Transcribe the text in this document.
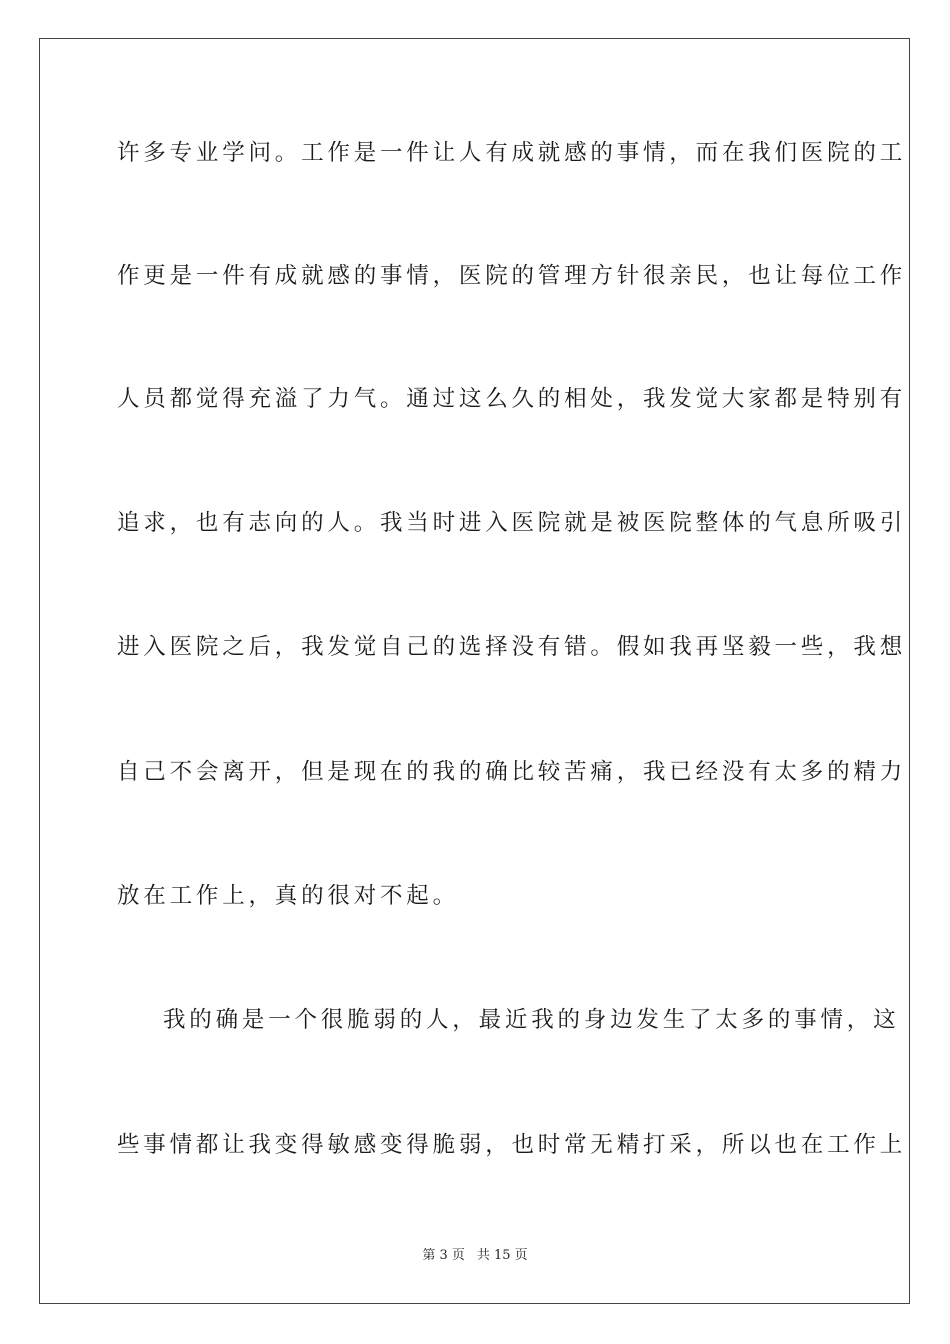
许多专业学问。工作是一件让人有成就感的事情，而在我们医院的工
作更是一件有成就感的事情，医院的管理方针很亲民，也让每位工作
人员都觉得充溢了力气。通过这么久的相处，我发觉大家都是特别有
追求，也有志向的人。我当时进入医院就是被医院整体的气息所吸引
进入医院之后，我发觉自己的选择没有错。假如我再坚毅一些，我想
自己不会离开，但是现在的我的确比较苦痛，我已经没有太多的精力
放在工作上，真的很对不起。
我的确是一个很脆弱的人，最近我的身边发生了太多的事情，这
些事情都让我变得敏感变得脆弱，也时常无精打采，所以也在工作上
第 3 页 共 15 页
